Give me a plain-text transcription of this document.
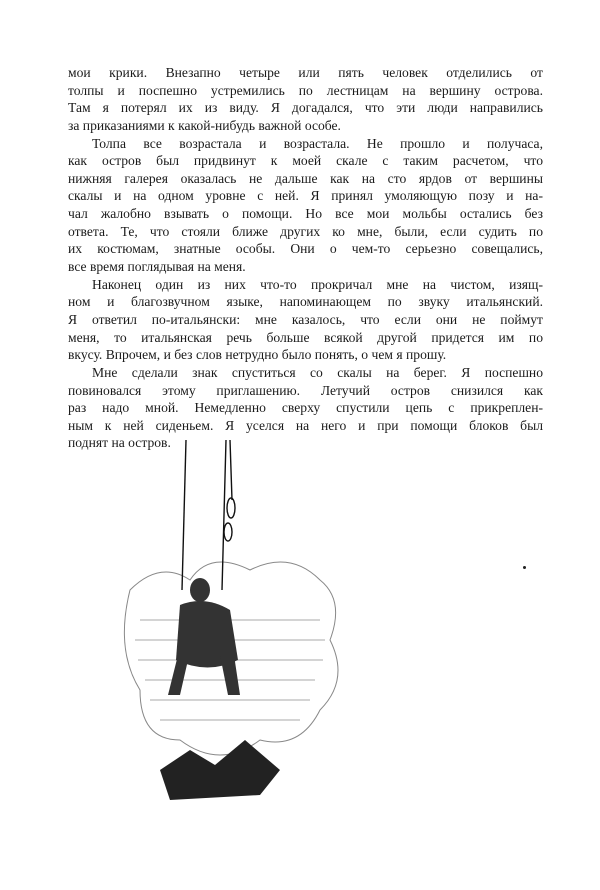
мои крики. Внезапно четыре или пять человек отделились от
толпы и поспешно устремились по лестницам на вершину острова.
Там я потерял их из виду. Я догадался, что эти люди направились
за приказаниями к какой-нибудь важной особе.
Толпа все возрастала и возрастала. Не прошло и получаса,
как остров был придвинут к моей скале с таким расчетом, что
нижняя галерея оказалась не дальше как на сто ярдов от вершины
скалы и на одном уровне с ней. Я принял умоляющую позу и на-
чал жалобно взывать о помощи. Но все мои мольбы остались без
ответа. Те, что стояли ближе других ко мне, были, если судить по
их костюмам, знатные особы. Они о чем-то серьезно совещались,
все время поглядывая на меня.
Наконец один из них что-то прокричал мне на чистом, изящ-
ном и благозвучном языке, напоминающем по звуку итальянский.
Я ответил по-итальянски: мне казалось, что если они не поймут
меня, то итальянская речь больше всякой другой придется им по
вкусу. Впрочем, и без слов нетрудно было понять, о чем я прошу.
Мне сделали знак спуститься со скалы на берег. Я поспешно
повиновался этому приглашению. Летучий остров снизился как
раз надо мной. Немедленно сверху спустили цепь с прикреплен-
ным к ней сиденьем. Я уселся на него и при помощи блоков был
поднят на остров.
